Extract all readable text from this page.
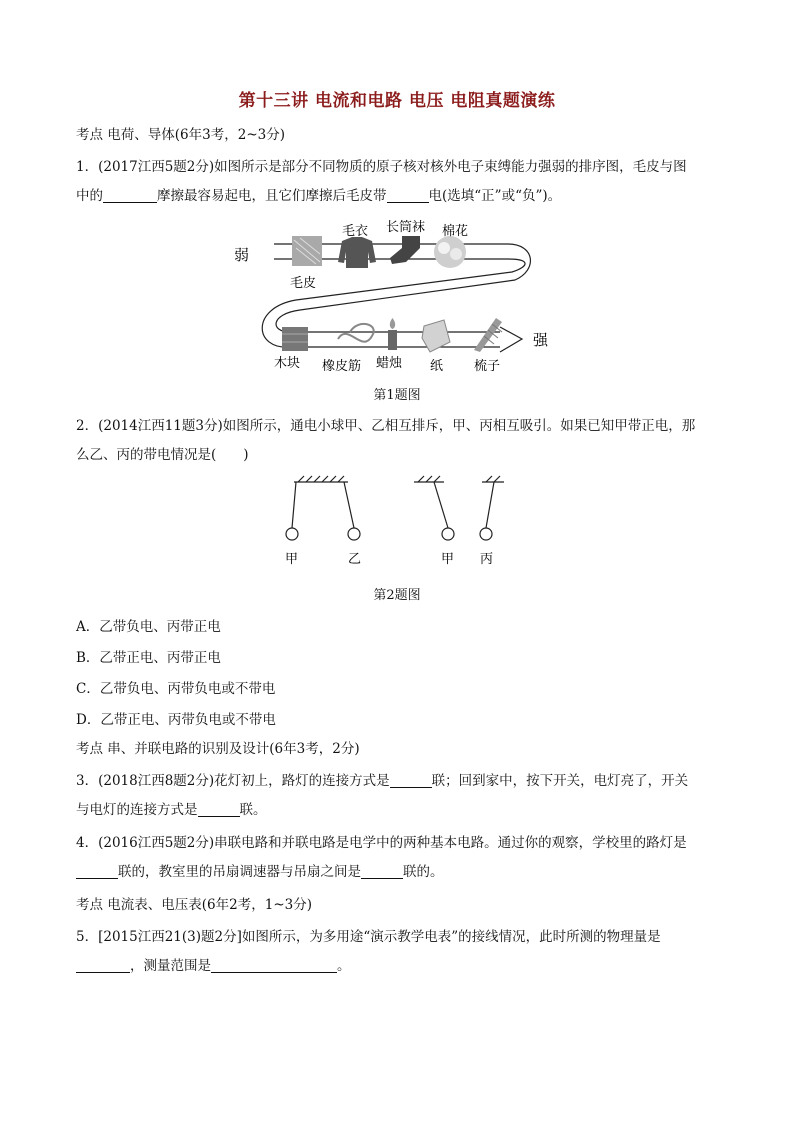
第十三讲 电流和电路 电压 电阻真题演练
考点 电荷、导体(6年3考，2~3分)
1．(2017江西5题2分)如图所示是部分不同物质的原子核对核外电子束缚能力强弱的排序图，毛皮与图
中的	摩擦最容易起电，且它们摩擦后毛皮带	电(选填“正”或“负”)。
弱
强
毛皮
毛衣 长筒袜 棉花
木块 橡皮筋 蜡烛 纸 梳子
第1题图
2．(2014江西11题3分)如图所示，通电小球甲、乙相互排斥，甲、丙相互吸引。如果已知甲带正电，那
么乙、丙的带电情况是(　　)
甲	乙	甲 丙
第2题图
A．乙带负电、丙带正电
B．乙带正电、丙带正电
C．乙带负电、丙带负电或不带电
D．乙带正电、丙带负电或不带电
考点 串、并联电路的识别及设计(6年3考，2分)
3．(2018江西8题2分)花灯初上，路灯的连接方式是	联；回到家中，按下开关，电灯亮了，开关
与电灯的连接方式是	联。
4．(2016江西5题2分)串联电路和并联电路是电学中的两种基本电路。通过你的观察，学校里的路灯是
联的，教室里的吊扇调速器与吊扇之间是	联的。
考点 电流表、电压表(6年2考，1~3分)
5．[2015江西21(3)题2分]如图所示，为多用途“演示教学电表”的接线情况，此时所测的物理量是
，测量范围是	。
